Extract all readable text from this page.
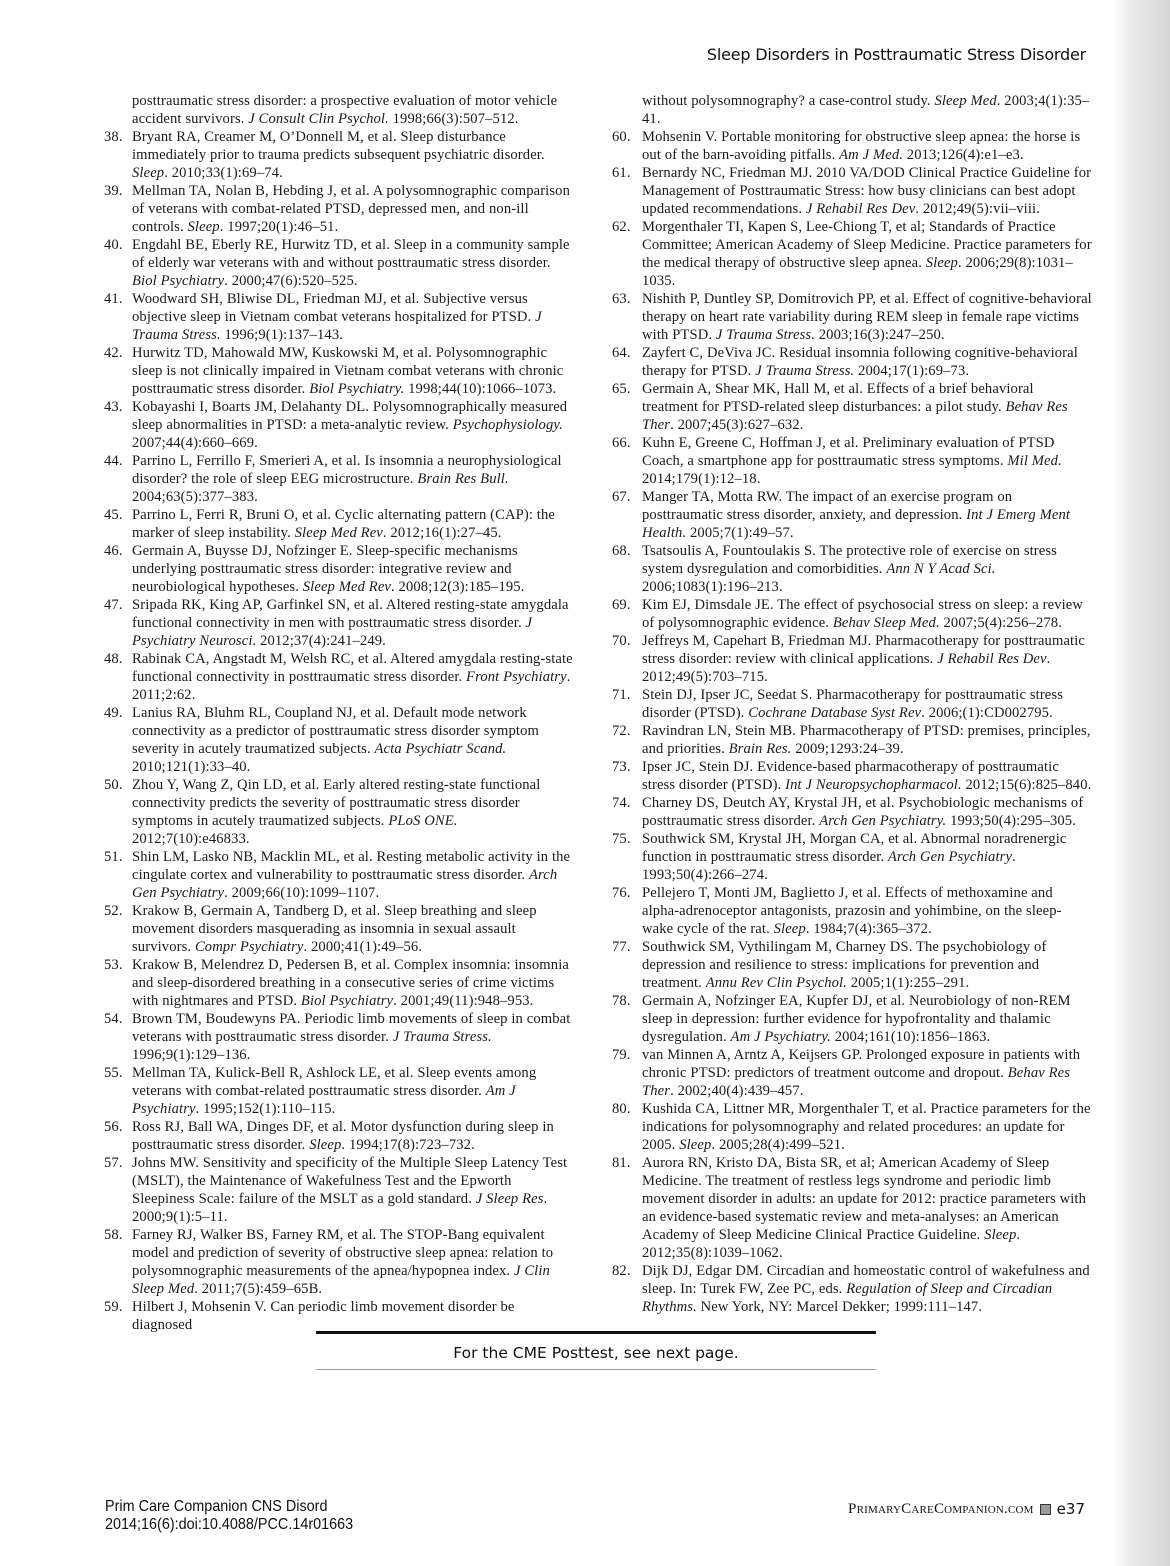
Sleep Disorders in Posttraumatic Stress Disorder
posttraumatic stress disorder: a prospective evaluation of motor vehicle accident survivors. J Consult Clin Psychol. 1998;66(3):507–512.
38. Bryant RA, Creamer M, O’Donnell M, et al. Sleep disturbance immediately prior to trauma predicts subsequent psychiatric disorder. Sleep. 2010;33(1):69–74.
39. Mellman TA, Nolan B, Hebding J, et al. A polysomnographic comparison of veterans with combat-related PTSD, depressed men, and non-ill controls. Sleep. 1997;20(1):46–51.
40. Engdahl BE, Eberly RE, Hurwitz TD, et al. Sleep in a community sample of elderly war veterans with and without posttraumatic stress disorder. Biol Psychiatry. 2000;47(6):520–525.
41. Woodward SH, Bliwise DL, Friedman MJ, et al. Subjective versus objective sleep in Vietnam combat veterans hospitalized for PTSD. J Trauma Stress. 1996;9(1):137–143.
42. Hurwitz TD, Mahowald MW, Kuskowski M, et al. Polysomnographic sleep is not clinically impaired in Vietnam combat veterans with chronic posttraumatic stress disorder. Biol Psychiatry. 1998;44(10):1066–1073.
43. Kobayashi I, Boarts JM, Delahanty DL. Polysomnographically measured sleep abnormalities in PTSD: a meta-analytic review. Psychophysiology. 2007;44(4):660–669.
44. Parrino L, Ferrillo F, Smerieri A, et al. Is insomnia a neurophysiological disorder? the role of sleep EEG microstructure. Brain Res Bull. 2004;63(5):377–383.
45. Parrino L, Ferri R, Bruni O, et al. Cyclic alternating pattern (CAP): the marker of sleep instability. Sleep Med Rev. 2012;16(1):27–45.
46. Germain A, Buysse DJ, Nofzinger E. Sleep-specific mechanisms underlying posttraumatic stress disorder: integrative review and neurobiological hypotheses. Sleep Med Rev. 2008;12(3):185–195.
47. Sripada RK, King AP, Garfinkel SN, et al. Altered resting-state amygdala functional connectivity in men with posttraumatic stress disorder. J Psychiatry Neurosci. 2012;37(4):241–249.
48. Rabinak CA, Angstadt M, Welsh RC, et al. Altered amygdala resting-state functional connectivity in posttraumatic stress disorder. Front Psychiatry. 2011;2:62.
49. Lanius RA, Bluhm RL, Coupland NJ, et al. Default mode network connectivity as a predictor of posttraumatic stress disorder symptom severity in acutely traumatized subjects. Acta Psychiatr Scand. 2010;121(1):33–40.
50. Zhou Y, Wang Z, Qin LD, et al. Early altered resting-state functional connectivity predicts the severity of posttraumatic stress disorder symptoms in acutely traumatized subjects. PLoS ONE. 2012;7(10):e46833.
51. Shin LM, Lasko NB, Macklin ML, et al. Resting metabolic activity in the cingulate cortex and vulnerability to posttraumatic stress disorder. Arch Gen Psychiatry. 2009;66(10):1099–1107.
52. Krakow B, Germain A, Tandberg D, et al. Sleep breathing and sleep movement disorders masquerading as insomnia in sexual assault survivors. Compr Psychiatry. 2000;41(1):49–56.
53. Krakow B, Melendrez D, Pedersen B, et al. Complex insomnia: insomnia and sleep-disordered breathing in a consecutive series of crime victims with nightmares and PTSD. Biol Psychiatry. 2001;49(11):948–953.
54. Brown TM, Boudewyns PA. Periodic limb movements of sleep in combat veterans with posttraumatic stress disorder. J Trauma Stress. 1996;9(1):129–136.
55. Mellman TA, Kulick-Bell R, Ashlock LE, et al. Sleep events among veterans with combat-related posttraumatic stress disorder. Am J Psychiatry. 1995;152(1):110–115.
56. Ross RJ, Ball WA, Dinges DF, et al. Motor dysfunction during sleep in posttraumatic stress disorder. Sleep. 1994;17(8):723–732.
57. Johns MW. Sensitivity and specificity of the Multiple Sleep Latency Test (MSLT), the Maintenance of Wakefulness Test and the Epworth Sleepiness Scale: failure of the MSLT as a gold standard. J Sleep Res. 2000;9(1):5–11.
58. Farney RJ, Walker BS, Farney RM, et al. The STOP-Bang equivalent model and prediction of severity of obstructive sleep apnea: relation to polysomnographic measurements of the apnea/hypopnea index. J Clin Sleep Med. 2011;7(5):459–65B.
59. Hilbert J, Mohsenin V. Can periodic limb movement disorder be diagnosed
without polysomnography? a case-control study. Sleep Med. 2003;4(1):35–41.
60. Mohsenin V. Portable monitoring for obstructive sleep apnea: the horse is out of the barn-avoiding pitfalls. Am J Med. 2013;126(4):e1–e3.
61. Bernardy NC, Friedman MJ. 2010 VA/DOD Clinical Practice Guideline for Management of Posttraumatic Stress: how busy clinicians can best adopt updated recommendations. J Rehabil Res Dev. 2012;49(5):vii–viii.
62. Morgenthaler TI, Kapen S, Lee-Chiong T, et al; Standards of Practice Committee; American Academy of Sleep Medicine. Practice parameters for the medical therapy of obstructive sleep apnea. Sleep. 2006;29(8):1031–1035.
63. Nishith P, Duntley SP, Domitrovich PP, et al. Effect of cognitive-behavioral therapy on heart rate variability during REM sleep in female rape victims with PTSD. J Trauma Stress. 2003;16(3):247–250.
64. Zayfert C, DeViva JC. Residual insomnia following cognitive-behavioral therapy for PTSD. J Trauma Stress. 2004;17(1):69–73.
65. Germain A, Shear MK, Hall M, et al. Effects of a brief behavioral treatment for PTSD-related sleep disturbances: a pilot study. Behav Res Ther. 2007;45(3):627–632.
66. Kuhn E, Greene C, Hoffman J, et al. Preliminary evaluation of PTSD Coach, a smartphone app for posttraumatic stress symptoms. Mil Med. 2014;179(1):12–18.
67. Manger TA, Motta RW. The impact of an exercise program on posttraumatic stress disorder, anxiety, and depression. Int J Emerg Ment Health. 2005;7(1):49–57.
68. Tsatsoulis A, Fountoulakis S. The protective role of exercise on stress system dysregulation and comorbidities. Ann N Y Acad Sci. 2006;1083(1):196–213.
69. Kim EJ, Dimsdale JE. The effect of psychosocial stress on sleep: a review of polysomnographic evidence. Behav Sleep Med. 2007;5(4):256–278.
70. Jeffreys M, Capehart B, Friedman MJ. Pharmacotherapy for posttraumatic stress disorder: review with clinical applications. J Rehabil Res Dev. 2012;49(5):703–715.
71. Stein DJ, Ipser JC, Seedat S. Pharmacotherapy for posttraumatic stress disorder (PTSD). Cochrane Database Syst Rev. 2006;(1):CD002795.
72. Ravindran LN, Stein MB. Pharmacotherapy of PTSD: premises, principles, and priorities. Brain Res. 2009;1293:24–39.
73. Ipser JC, Stein DJ. Evidence-based pharmacotherapy of posttraumatic stress disorder (PTSD). Int J Neuropsychopharmacol. 2012;15(6):825–840.
74. Charney DS, Deutch AY, Krystal JH, et al. Psychobiologic mechanisms of posttraumatic stress disorder. Arch Gen Psychiatry. 1993;50(4):295–305.
75. Southwick SM, Krystal JH, Morgan CA, et al. Abnormal noradrenergic function in posttraumatic stress disorder. Arch Gen Psychiatry. 1993;50(4):266–274.
76. Pellejero T, Monti JM, Baglietto J, et al. Effects of methoxamine and alpha-adrenoceptor antagonists, prazosin and yohimbine, on the sleep-wake cycle of the rat. Sleep. 1984;7(4):365–372.
77. Southwick SM, Vythilingam M, Charney DS. The psychobiology of depression and resilience to stress: implications for prevention and treatment. Annu Rev Clin Psychol. 2005;1(1):255–291.
78. Germain A, Nofzinger EA, Kupfer DJ, et al. Neurobiology of non-REM sleep in depression: further evidence for hypofrontality and thalamic dysregulation. Am J Psychiatry. 2004;161(10):1856–1863.
79. van Minnen A, Arntz A, Keijsers GP. Prolonged exposure in patients with chronic PTSD: predictors of treatment outcome and dropout. Behav Res Ther. 2002;40(4):439–457.
80. Kushida CA, Littner MR, Morgenthaler T, et al. Practice parameters for the indications for polysomnography and related procedures: an update for 2005. Sleep. 2005;28(4):499–521.
81. Aurora RN, Kristo DA, Bista SR, et al; American Academy of Sleep Medicine. The treatment of restless legs syndrome and periodic limb movement disorder in adults: an update for 2012: practice parameters with an evidence-based systematic review and meta-analyses: an American Academy of Sleep Medicine Clinical Practice Guideline. Sleep. 2012;35(8):1039–1062.
82. Dijk DJ, Edgar DM. Circadian and homeostatic control of wakefulness and sleep. In: Turek FW, Zee PC, eds. Regulation of Sleep and Circadian Rhythms. New York, NY: Marcel Dekker; 1999:111–147.
For the CME Posttest, see next page.
Prim Care Companion CNS Disord
2014;16(6):doi:10.4088/PCC.14r01663
PrimaryCareCompanion.com e37
